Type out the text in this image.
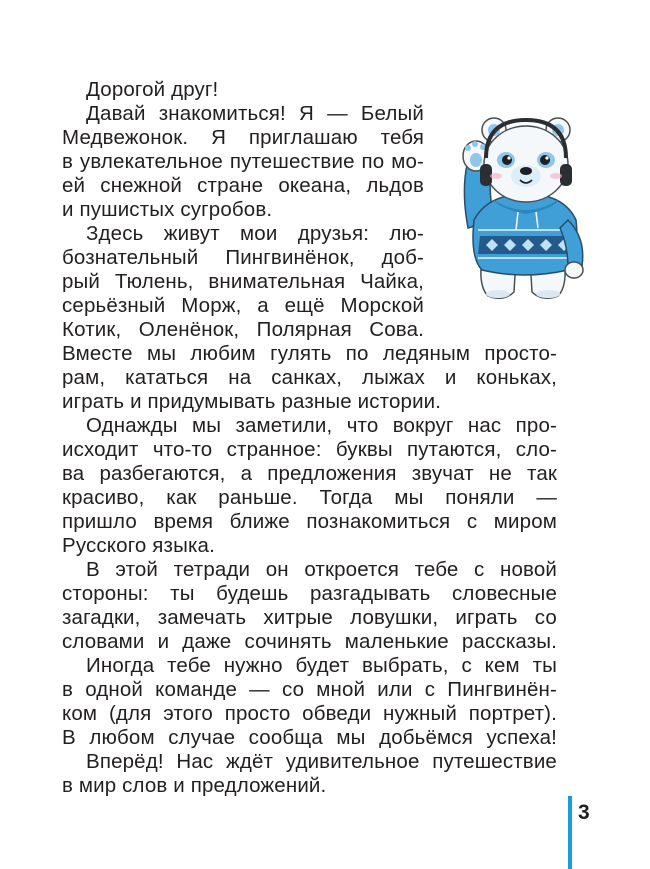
Дорогой друг!
Давай знакомиться! Я — Белый
Медвежонок. Я приглашаю тебя
в увлекательное путешествие по мо-
ей снежной стране океана, льдов
и пушистых сугробов.
Здесь живут мои друзья: лю-
бознательный Пингвинёнок, доб-
рый Тюлень, внимательная Чайка,
серьёзный Морж, а ещё Морской
Котик, Оленёнок, Полярная Сова.
Вместе мы любим гулять по ледяным просто-
рам, кататься на санках, лыжах и коньках,
играть и придумывать разные истории.
Однажды мы заметили, что вокруг нас про-
исходит что-то странное: буквы путаются, сло-
ва разбегаются, а предложения звучат не так
красиво, как раньше. Тогда мы поняли —
пришло время ближе познакомиться с миром
Русского языка.
В этой тетради он откроется тебе с новой
стороны: ты будешь разгадывать словесные
загадки, замечать хитрые ловушки, играть со
словами и даже сочинять маленькие рассказы.
Иногда тебе нужно будет выбрать, с кем ты
в одной команде — со мной или с Пингвинён-
ком (для этого просто обведи нужный портрет).
В любом случае сообща мы добьёмся успеха!
Вперёд! Нас ждёт удивительное путешествие
в мир слов и предложений.
3
